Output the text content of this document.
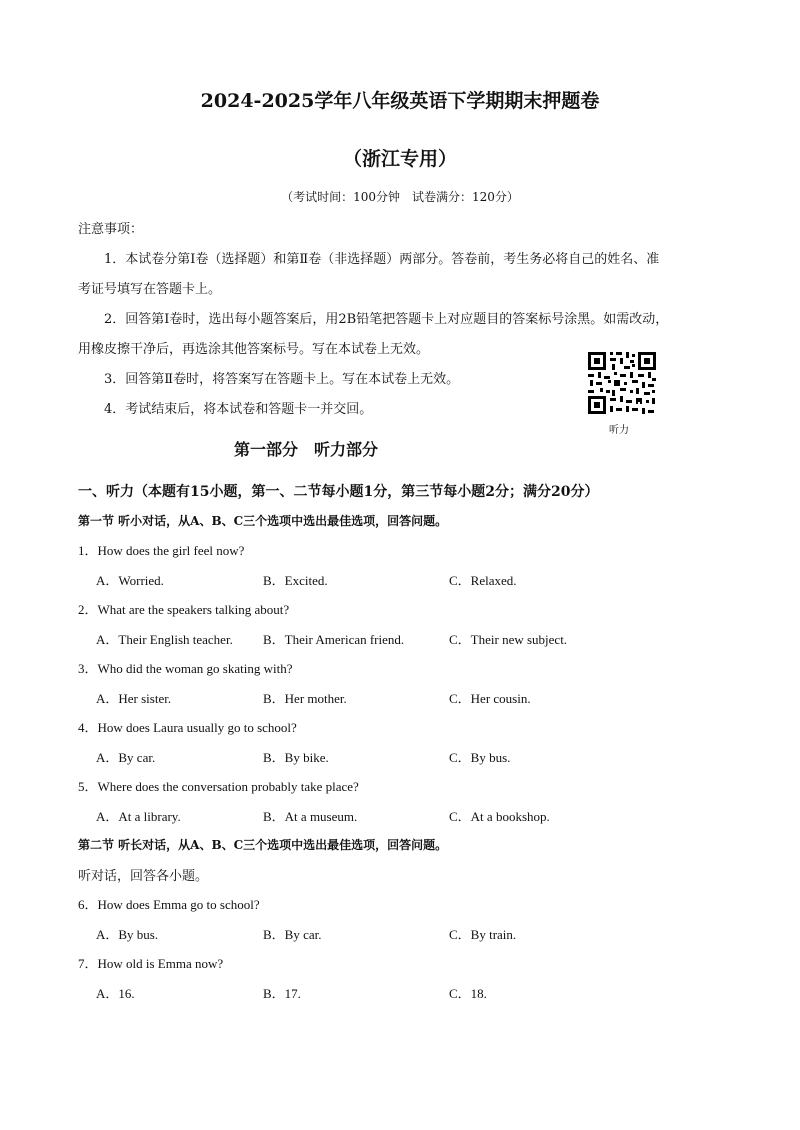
2024-2025学年八年级英语下学期期末押题卷
（浙江专用）
（考试时间：100分钟　试卷满分：120分）
注意事项：
1．本试卷分第Ⅰ卷（选择题）和第Ⅱ卷（非选择题）两部分。答卷前，考生务必将自己的姓名、准
考证号填写在答题卡上。
2．回答第Ⅰ卷时，选出每小题答案后，用2B铅笔把答题卡上对应题目的答案标号涂黑。如需改动，
用橡皮擦干净后，再选涂其他答案标号。写在本试卷上无效。
3．回答第Ⅱ卷时，将答案写在答题卡上。写在本试卷上无效。
4．考试结束后，将本试卷和答题卡一并交回。
听力
第一部分　听力部分
一、听力（本题有15小题，第一、二节每小题1分，第三节每小题2分；满分20分）
第一节 听小对话，从A、B、C三个选项中选出最佳选项，回答问题。
1．How does the girl feel now?
A．Worried.	B．Excited.	C．Relaxed.
2．What are the speakers talking about?
A．Their English teacher. B．Their American friend.	C．Their new subject.
3．Who did the woman go skating with?
A．Her sister.	B．Her mother.	C．Her cousin.
4．How does Laura usually go to school?
A．By car.	B．By bike.	C．By bus.
5．Where does the conversation probably take place?
A．At a library.	B．At a museum.	C．At a bookshop.
第二节 听长对话，从A、B、C三个选项中选出最佳选项，回答问题。
听对话，回答各小题。
6．How does Emma go to school?
A．By bus.	B．By car.	C．By train.
7．How old is Emma now?
A．16.	B．17.	C．18.
